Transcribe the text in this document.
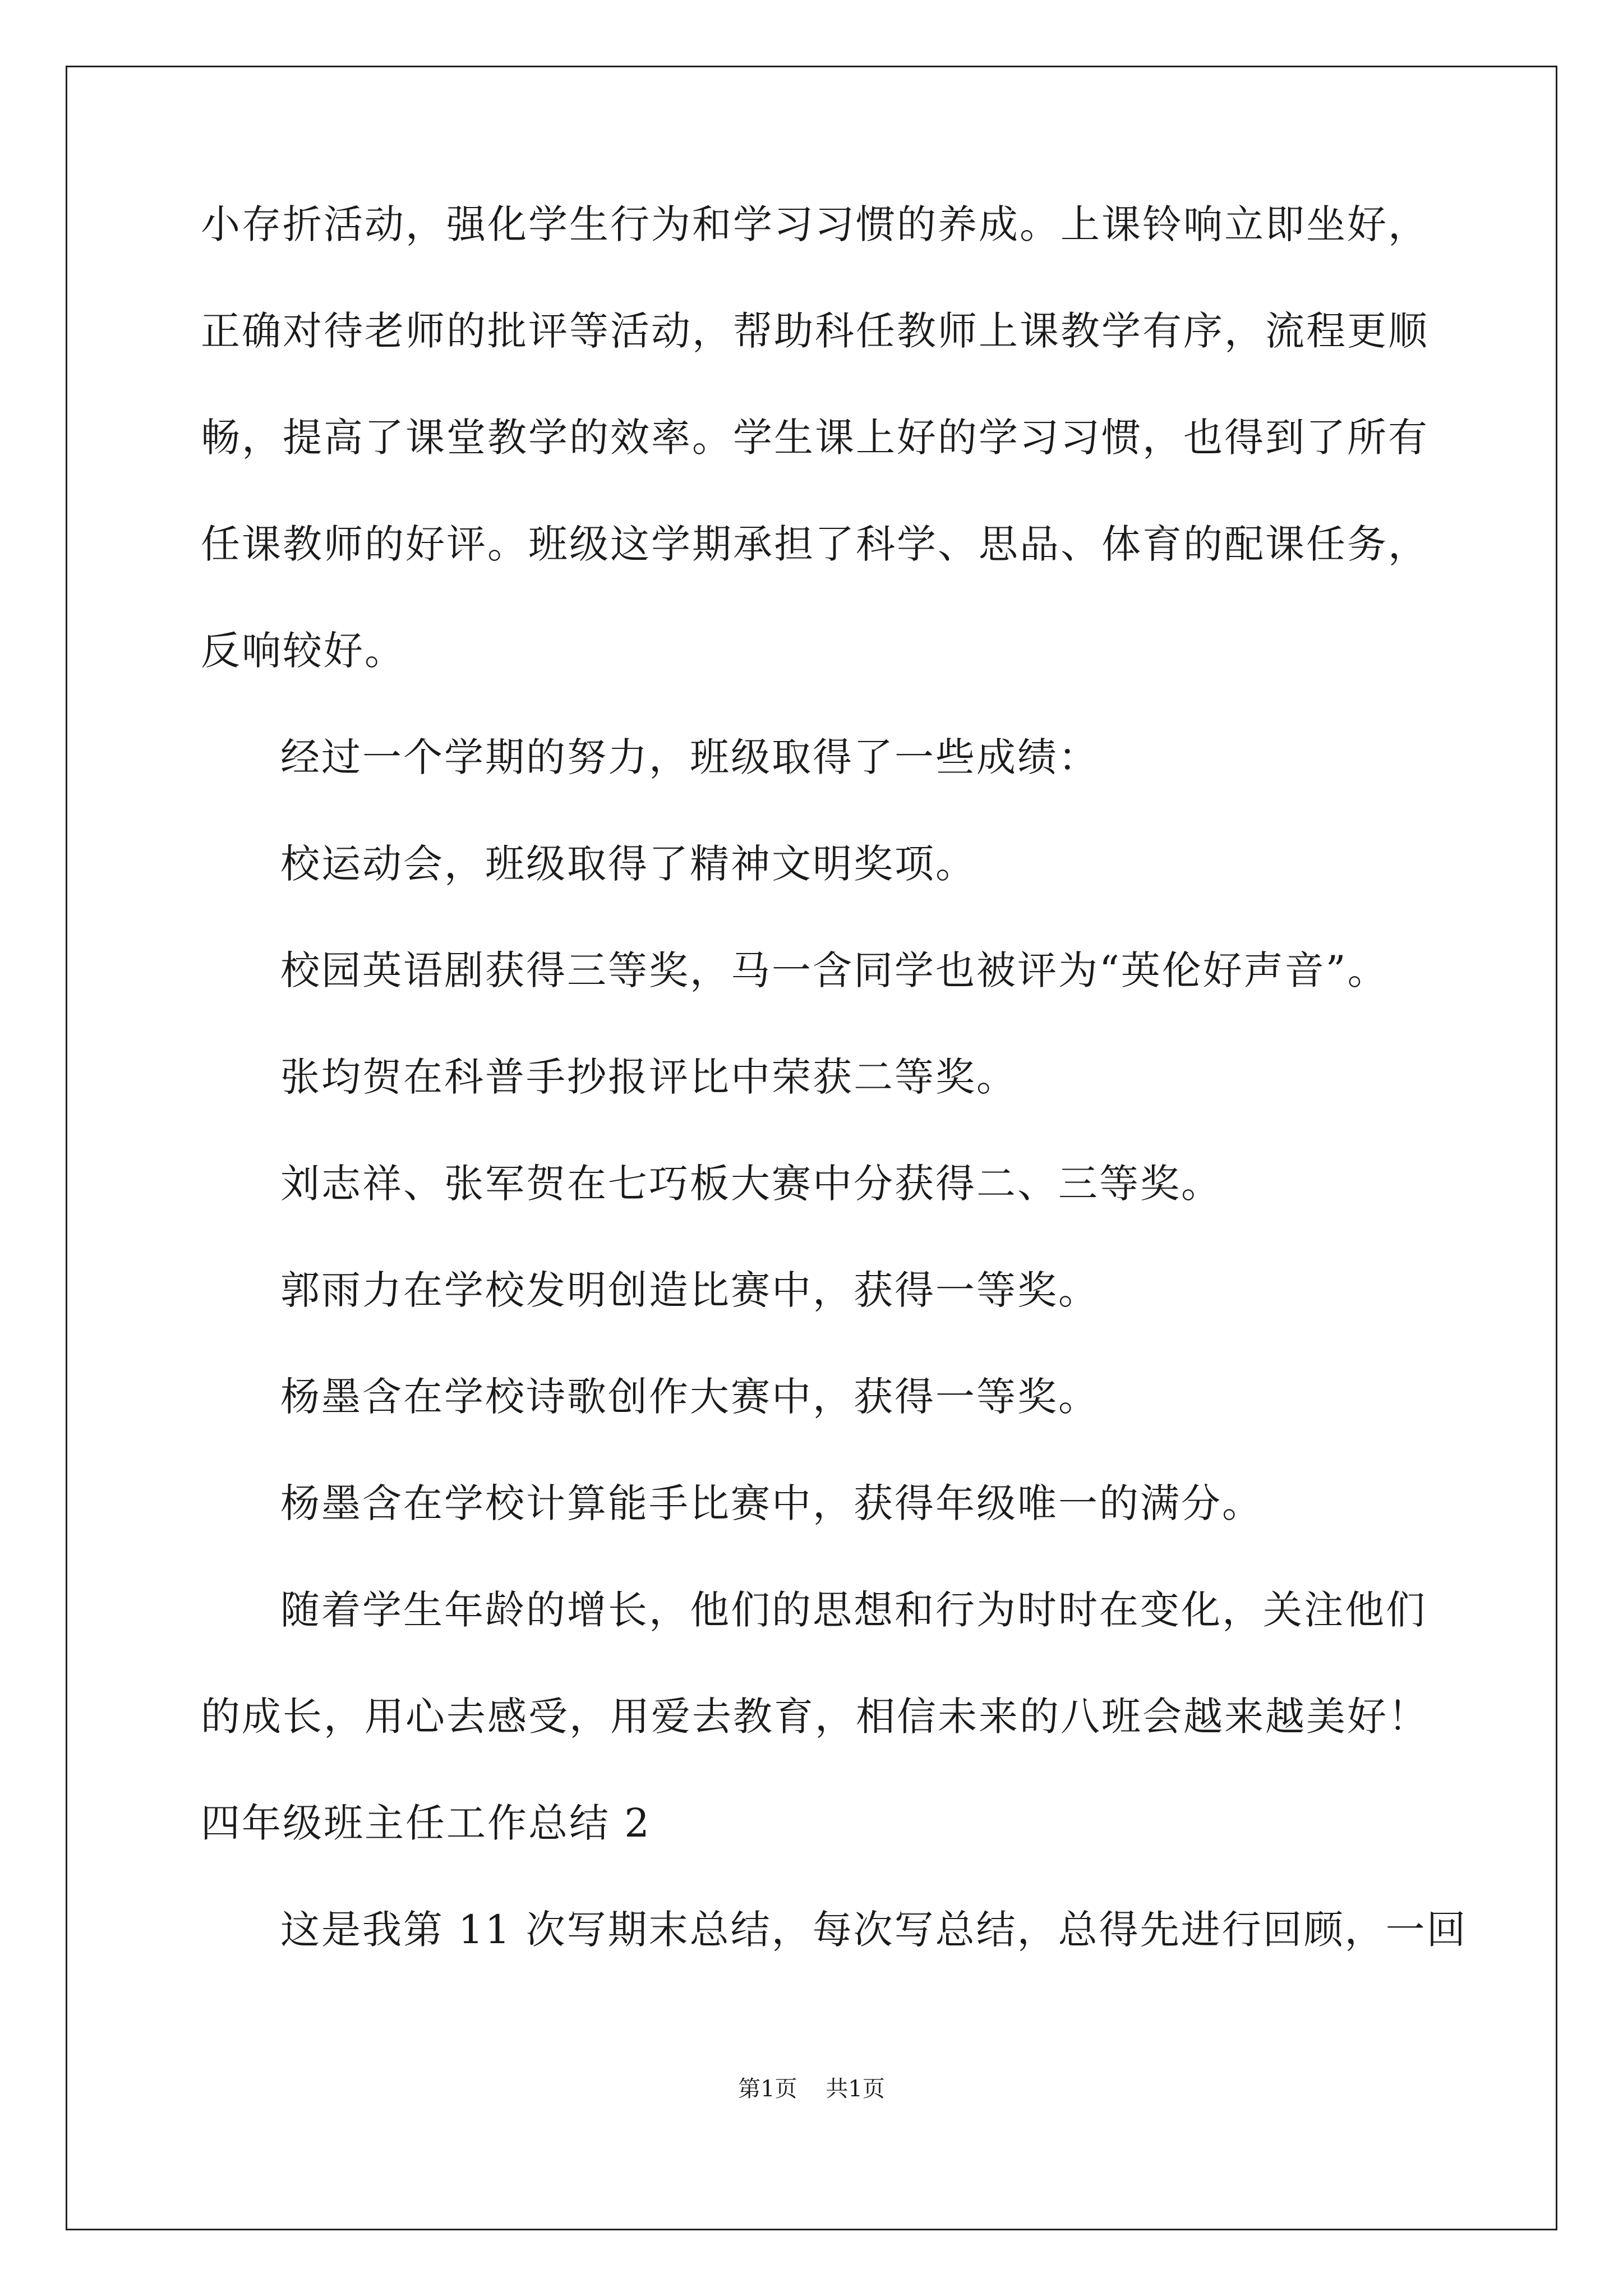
小存折活动，强化学生行为和学习习惯的养成。上课铃响立即坐好，
正确对待老师的批评等活动，帮助科任教师上课教学有序，流程更顺
畅，提高了课堂教学的效率。学生课上好的学习习惯，也得到了所有
任课教师的好评。班级这学期承担了科学、思品、体育的配课任务，
反响较好。
经过一个学期的努力，班级取得了一些成绩：
校运动会，班级取得了精神文明奖项。
校园英语剧获得三等奖，马一含同学也被评为“英伦好声音”。
张均贺在科普手抄报评比中荣获二等奖。
刘志祥、张军贺在七巧板大赛中分获得二、三等奖。
郭雨力在学校发明创造比赛中，获得一等奖。
杨墨含在学校诗歌创作大赛中，获得一等奖。
杨墨含在学校计算能手比赛中，获得年级唯一的满分。
随着学生年龄的增长，他们的思想和行为时时在变化，关注他们
的成长，用心去感受，用爱去教育，相信未来的八班会越来越美好！
四年级班主任工作总结 2
这是我第 11 次写期末总结，每次写总结，总得先进行回顾，一回
第1页    共1页
